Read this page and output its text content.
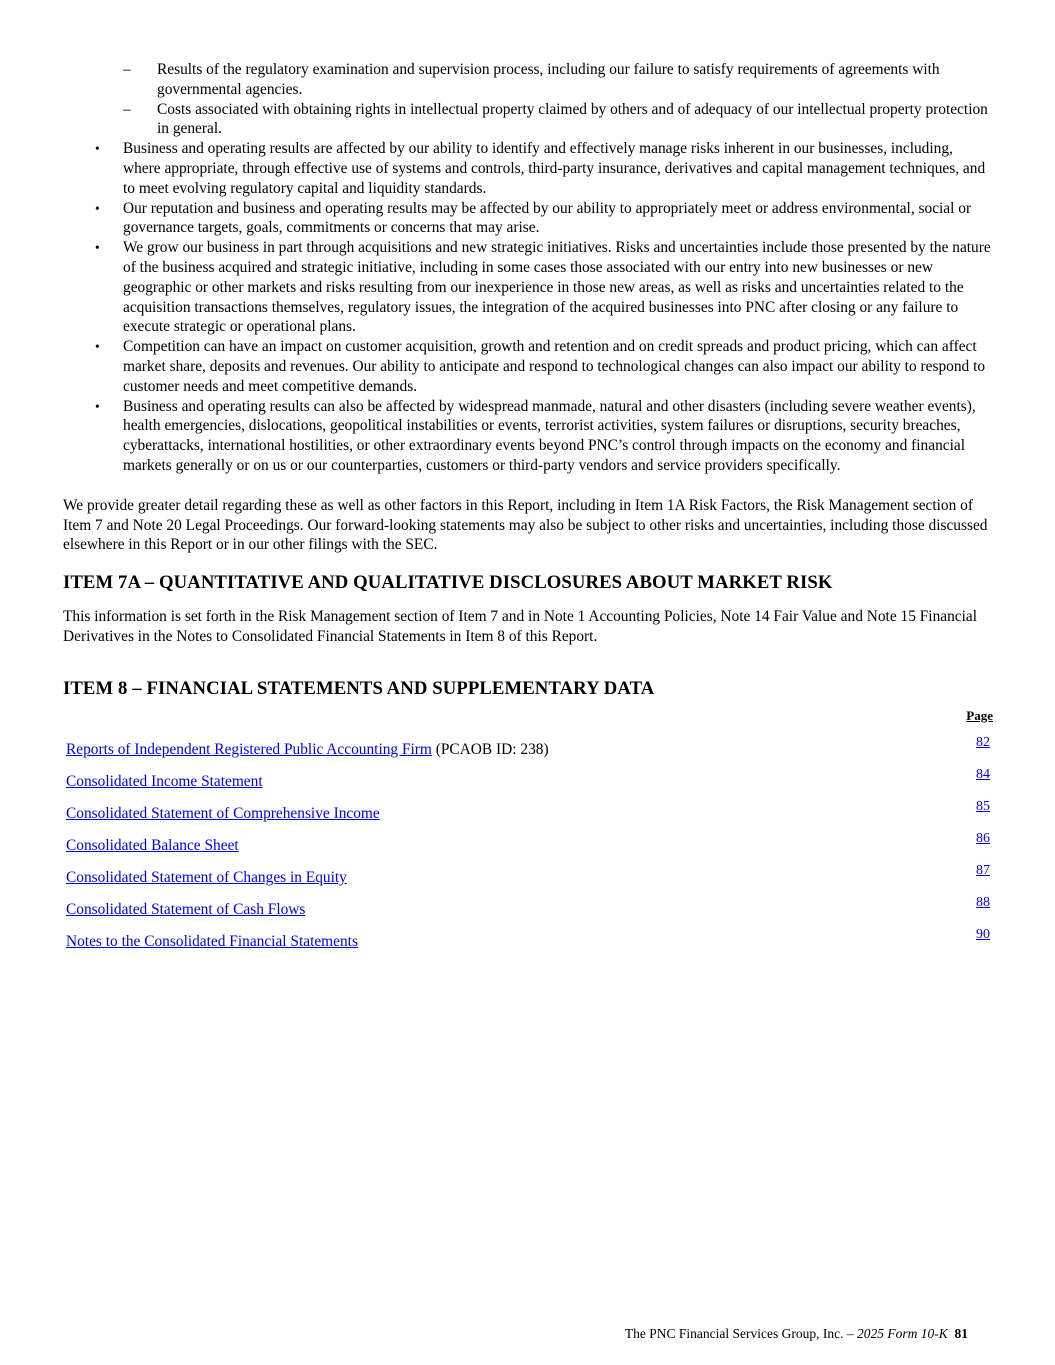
–	Results of the regulatory examination and supervision process, including our failure to satisfy requirements of agreements with governmental agencies.
–	Costs associated with obtaining rights in intellectual property claimed by others and of adequacy of our intellectual property protection in general.
•	Business and operating results are affected by our ability to identify and effectively manage risks inherent in our businesses, including, where appropriate, through effective use of systems and controls, third-party insurance, derivatives and capital management techniques, and to meet evolving regulatory capital and liquidity standards.
•	Our reputation and business and operating results may be affected by our ability to appropriately meet or address environmental, social or governance targets, goals, commitments or concerns that may arise.
•	We grow our business in part through acquisitions and new strategic initiatives. Risks and uncertainties include those presented by the nature of the business acquired and strategic initiative, including in some cases those associated with our entry into new businesses or new geographic or other markets and risks resulting from our inexperience in those new areas, as well as risks and uncertainties related to the acquisition transactions themselves, regulatory issues, the integration of the acquired businesses into PNC after closing or any failure to execute strategic or operational plans.
•	Competition can have an impact on customer acquisition, growth and retention and on credit spreads and product pricing, which can affect market share, deposits and revenues. Our ability to anticipate and respond to technological changes can also impact our ability to respond to customer needs and meet competitive demands.
•	Business and operating results can also be affected by widespread manmade, natural and other disasters (including severe weather events), health emergencies, dislocations, geopolitical instabilities or events, terrorist activities, system failures or disruptions, security breaches, cyberattacks, international hostilities, or other extraordinary events beyond PNC’s control through impacts on the economy and financial markets generally or on us or our counterparties, customers or third-party vendors and service providers specifically.

We provide greater detail regarding these as well as other factors in this Report, including in Item 1A Risk Factors, the Risk Management section of Item 7 and Note 20 Legal Proceedings. Our forward-looking statements may also be subject to other risks and uncertainties, including those discussed elsewhere in this Report or in our other filings with the SEC.

ITEM 7A – QUANTITATIVE AND QUALITATIVE DISCLOSURES ABOUT MARKET RISK

This information is set forth in the Risk Management section of Item 7 and in Note 1 Accounting Policies, Note 14 Fair Value and Note 15 Financial Derivatives in the Notes to Consolidated Financial Statements in Item 8 of this Report.

ITEM 8 – FINANCIAL STATEMENTS AND SUPPLEMENTARY DATA
Page
Reports of Independent Registered Public Accounting Firm (PCAOB ID: 238)	82
Consolidated Income Statement	84
Consolidated Statement of Comprehensive Income	85
Consolidated Balance Sheet	86
Consolidated Statement of Changes in Equity	87
Consolidated Statement of Cash Flows	88
Notes to the Consolidated Financial Statements	90
The PNC Financial Services Group, Inc. – 2025 Form 10-K 81
